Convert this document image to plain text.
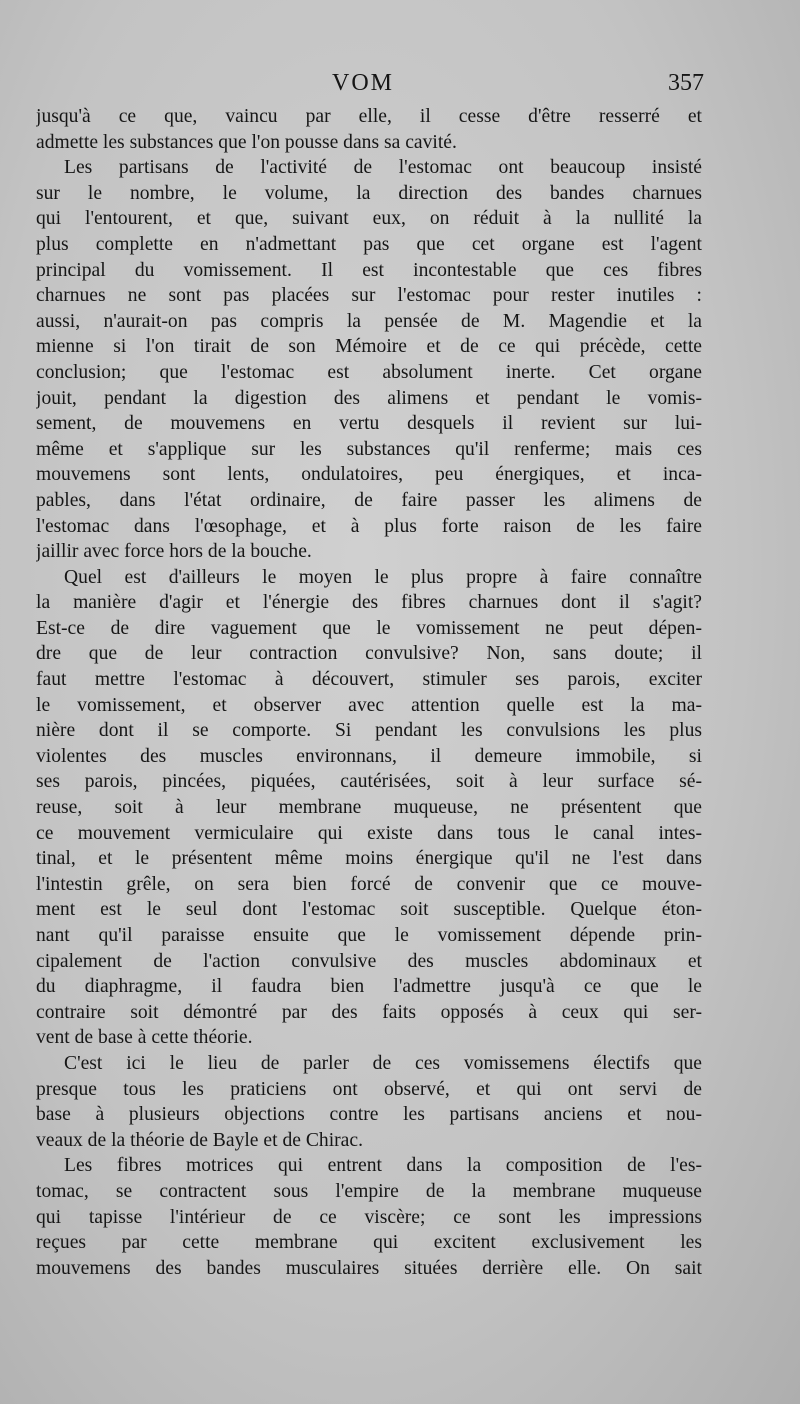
VOM	357
jusqu'à ce que, vaincu par elle, il cesse d'être resserré et
admette les substances que l'on pousse dans sa cavité.
Les partisans de l'activité de l'estomac ont beaucoup insisté
sur le nombre, le volume, la direction des bandes charnues
qui l'entourent, et que, suivant eux, on réduit à la nullité la
plus complette en n'admettant pas que cet organe est l'agent
principal du vomissement. Il est incontestable que ces fibres
charnues ne sont pas placées sur l'estomac pour rester inutiles :
aussi, n'aurait-on pas compris la pensée de M. Magendie et la
mienne si l'on tirait de son Mémoire et de ce qui précède, cette
conclusion; que l'estomac est absolument inerte. Cet organe
jouit, pendant la digestion des alimens et pendant le vomis-
sement, de mouvemens en vertu desquels il revient sur lui-
même et s'applique sur les substances qu'il renferme; mais ces
mouvemens sont lents, ondulatoires, peu énergiques, et inca-
pables, dans l'état ordinaire, de faire passer les alimens de
l'estomac dans l'œsophage, et à plus forte raison de les faire
jaillir avec force hors de la bouche.
Quel est d'ailleurs le moyen le plus propre à faire connaître
la manière d'agir et l'énergie des fibres charnues dont il s'agit?
Est-ce de dire vaguement que le vomissement ne peut dépen-
dre que de leur contraction convulsive? Non, sans doute; il
faut mettre l'estomac à découvert, stimuler ses parois, exciter
le vomissement, et observer avec attention quelle est la ma-
nière dont il se comporte. Si pendant les convulsions les plus
violentes des muscles environnans, il demeure immobile, si
ses parois, pincées, piquées, cautérisées, soit à leur surface sé-
reuse, soit à leur membrane muqueuse, ne présentent que
ce mouvement vermiculaire qui existe dans tous le canal intes-
tinal, et le présentent même moins énergique qu'il ne l'est dans
l'intestin grêle, on sera bien forcé de convenir que ce mouve-
ment est le seul dont l'estomac soit susceptible. Quelque éton-
nant qu'il paraisse ensuite que le vomissement dépende prin-
cipalement de l'action convulsive des muscles abdominaux et
du diaphragme, il faudra bien l'admettre jusqu'à ce que le
contraire soit démontré par des faits opposés à ceux qui ser-
vent de base à cette théorie.
C'est ici le lieu de parler de ces vomissemens électifs que
presque tous les praticiens ont observé, et qui ont servi de
base à plusieurs objections contre les partisans anciens et nou-
veaux de la théorie de Bayle et de Chirac.
Les fibres motrices qui entrent dans la composition de l'es-
tomac, se contractent sous l'empire de la membrane muqueuse
qui tapisse l'intérieur de ce viscère; ce sont les impressions
reçues par cette membrane qui excitent exclusivement les
mouvemens des bandes musculaires situées derrière elle. On sait
